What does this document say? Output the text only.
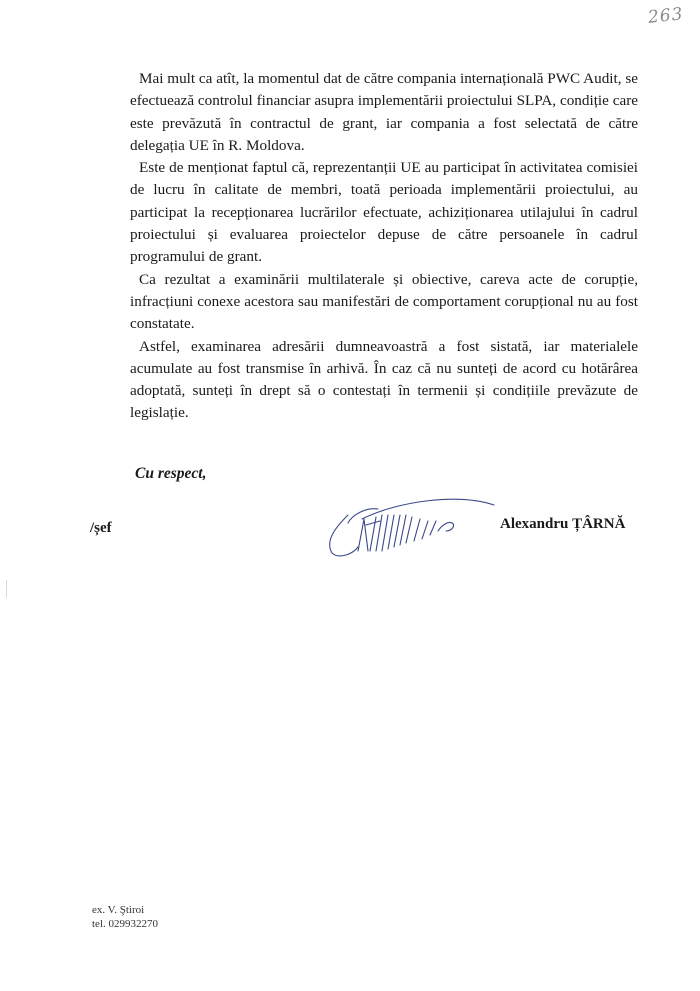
263

Mai mult ca atît, la momentul dat de către compania internațională PWC Audit, se efectuează controlul financiar asupra implementării proiectului SLPA, condiție care este prevăzută în contractul de grant, iar compania a fost selectată de către delegația UE în R. Moldova.

Este de menționat faptul că, reprezentanții UE au participat în activitatea comisiei de lucru în calitate de membri, toată perioada implementării proiectului, au participat la recepționarea lucrărilor efectuate, achiziționarea utilajului în cadrul proiectului și evaluarea proiectelor depuse de către persoanele în cadrul programului de grant.

Ca rezultat a examinării multilaterale și obiective, careva acte de corupție, infracțiuni conexe acestora sau manifestări de comportament corupțional nu au fost constatate.

Astfel, examinarea adresării dumneavoastră a fost sistată, iar materialele acumulate au fost transmise în arhivă. În caz că nu sunteți de acord cu hotărârea adoptată, sunteți în drept să o contestați în termenii și condițiile prevăzute de legislație.

Cu respect,
/șef	Alexandru ȚÂRNĂ
ex. V. Ştiroi
tel. 029932270
